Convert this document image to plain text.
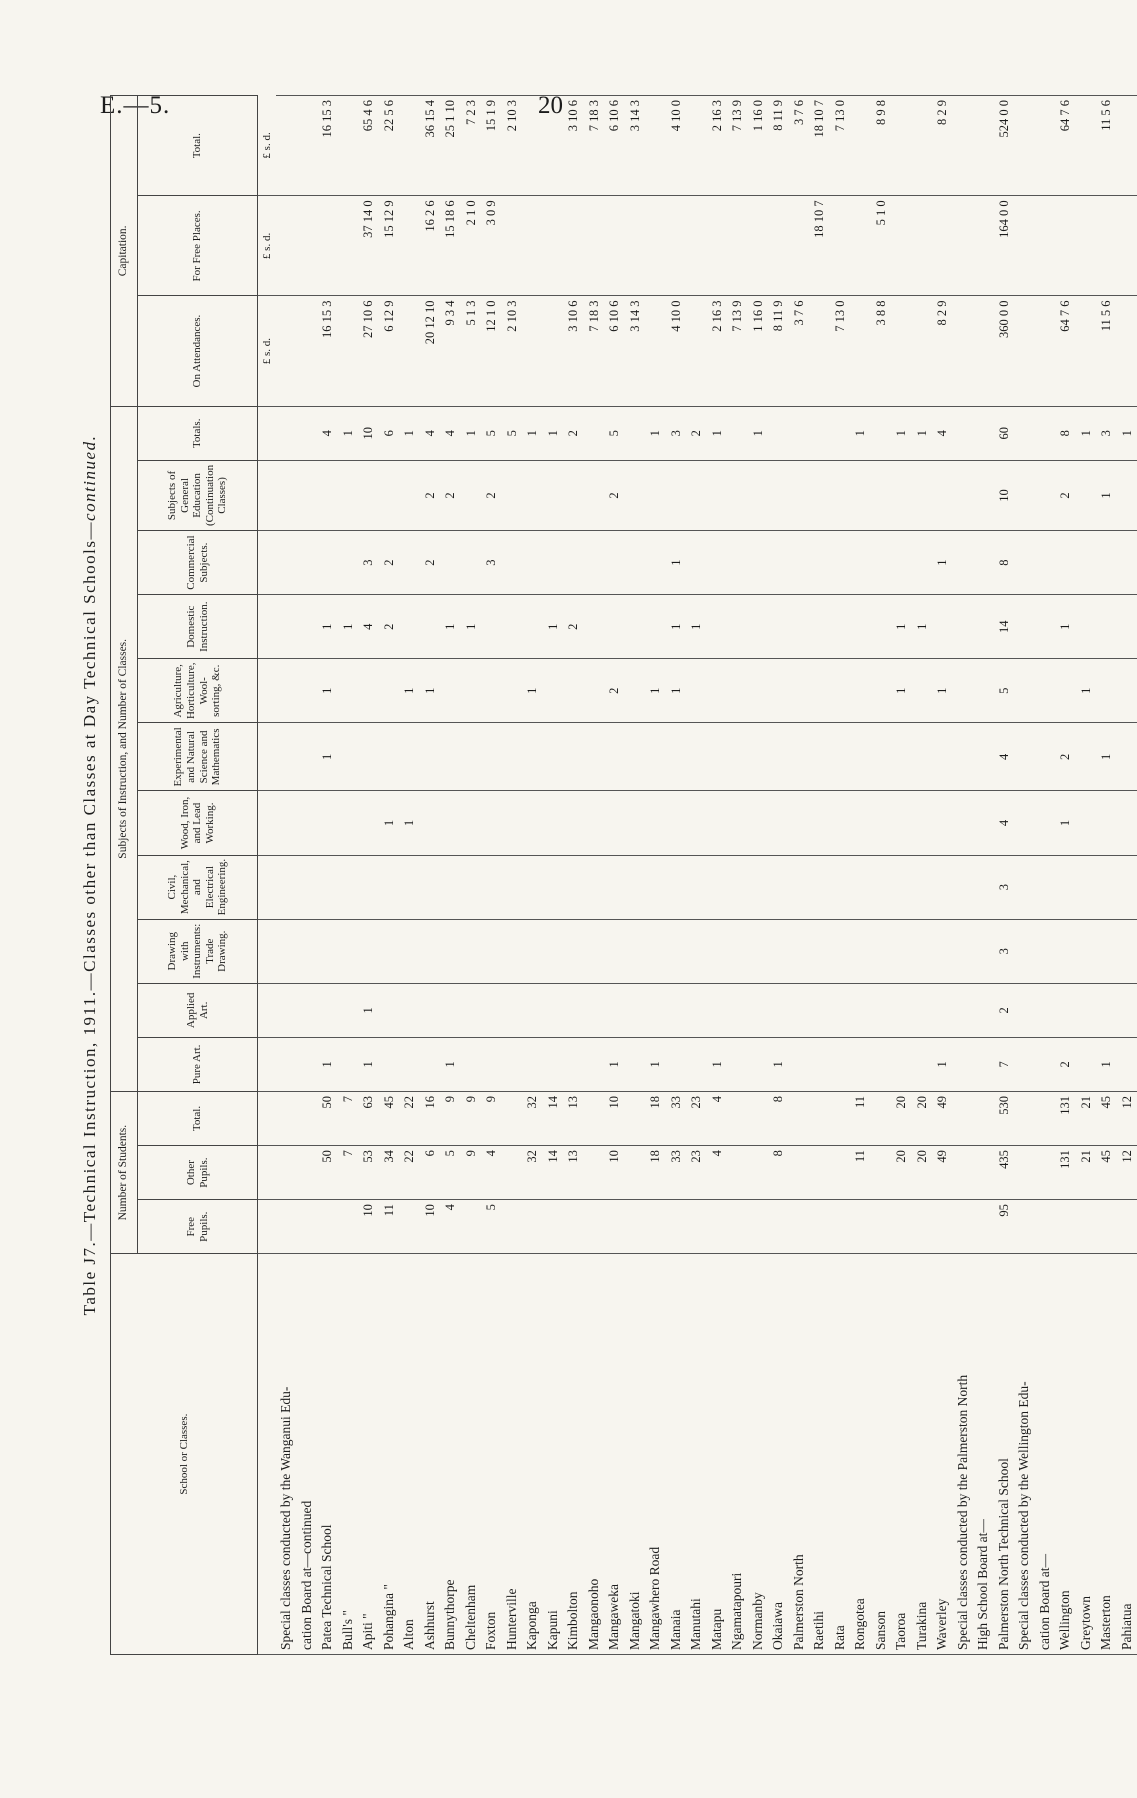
E.—5.	20
Table J7.—Technical Instruction, 1911.—Classes other than Classes at Day Technical Schools—continued.
School or Classes.	Number of Students.			Subjects of Instruction, and Number of Classes.											Capitation.		
	Free Pupils.	Other Pupils.	Total.	Pure Art.	Applied Art.	Drawing with Instruments: Trade Drawing.	Civil, Mechanical, and Electrical Engineering.	Wood, Iron, and Lead Working.	Experimental and Natural Science and Mathematics	Agriculture, Horticulture, Wool-sorting, &c.	Domestic Instruction.	Commercial Subjects.	Subjects of General Education (Continuation Classes)	Totals.	On Attendances.	For Free Places.	Total.
															£ s. d.	£ s. d.	£ s. d.
Special classes conducted by the Wanganui Edu-																	
cation Board at—continued																	
Patea Technical School		50	50	1					1	1	1			4	16 15 3		16 15 3
Bull's "		7	7								1			1			
Apiti "	10	53	63	1	1						4	3		10	27 10 6	37 14 0	65 4 6
Pohangina "	11	34	45					1			2	2		6	6 12 9	15 12 9	22 5 6
Alton		22	22					1		1				1			
Ashhurst	10	6	16							1		2	2	4	20 12 10	16 2 6	36 15 4
Bunnythorpe	4	5	9	1							1		2	4	9 3 4	15 18 6	25 1 10
Cheltenham		9	9								1			1	5 1 3	2 1 0	7 2 3
Foxton	5	4	9									3	2	5	12 1 0	3 0 9	15 1 9
Hunterville														5	2 10 3		2 10 3
Kaponga		32	32							1				1			
Kapuni		14	14								1			1			
Kimbolton		13	13								2			2	3 10 6		3 10 6
Mangaonoho															7 18 3		7 18 3
Mangaweka		10	10	1						2			2	5	6 10 6		6 10 6
Mangatoki															3 14 3		3 14 3
Mangawhero Road		18	18	1						1				1			
Manaia		33	33							1	1	1		3	4 10 0		4 10 0
Manutahi		23	23								1			2			
Matapu		4	4	1										1	2 16 3		2 16 3
Ngamatapouri															7 13 9		7 13 9
Normanby														1	1 16 0		1 16 0
Okaiawa		8	8	1											8 11 9		8 11 9
Palmerston North															3 7 6		3 7 6
Raetihi																18 10 7	18 10 7
Rata															7 13 0		7 13 0
Rongotea		11	11											1			
Sanson															3 8 8	5 1 0	8 9 8
Taoroa		20	20							1	1			1			
Turakina		20	20								1			1			
Waverley		49	49	1						1		1		4	8 2 9		8 2 9
Special classes conducted by the Palmerston North																	
High School Board at—																	
Palmerston North Technical School	95	435	530	7	2	3	3	4	4	5	14	8	10	60	360 0 0	164 0 0	524 0 0
Special classes conducted by the Wellington Edu-																	
cation Board at—																	
Wellington		131	131	2				1	2		1		2	8	64 7 6		64 7 6
Greytown		21	21							1				1			
Masterton		45	45	1					1				1	3	11 5 6		11 5 6
Pahiatua		12	12											1			
